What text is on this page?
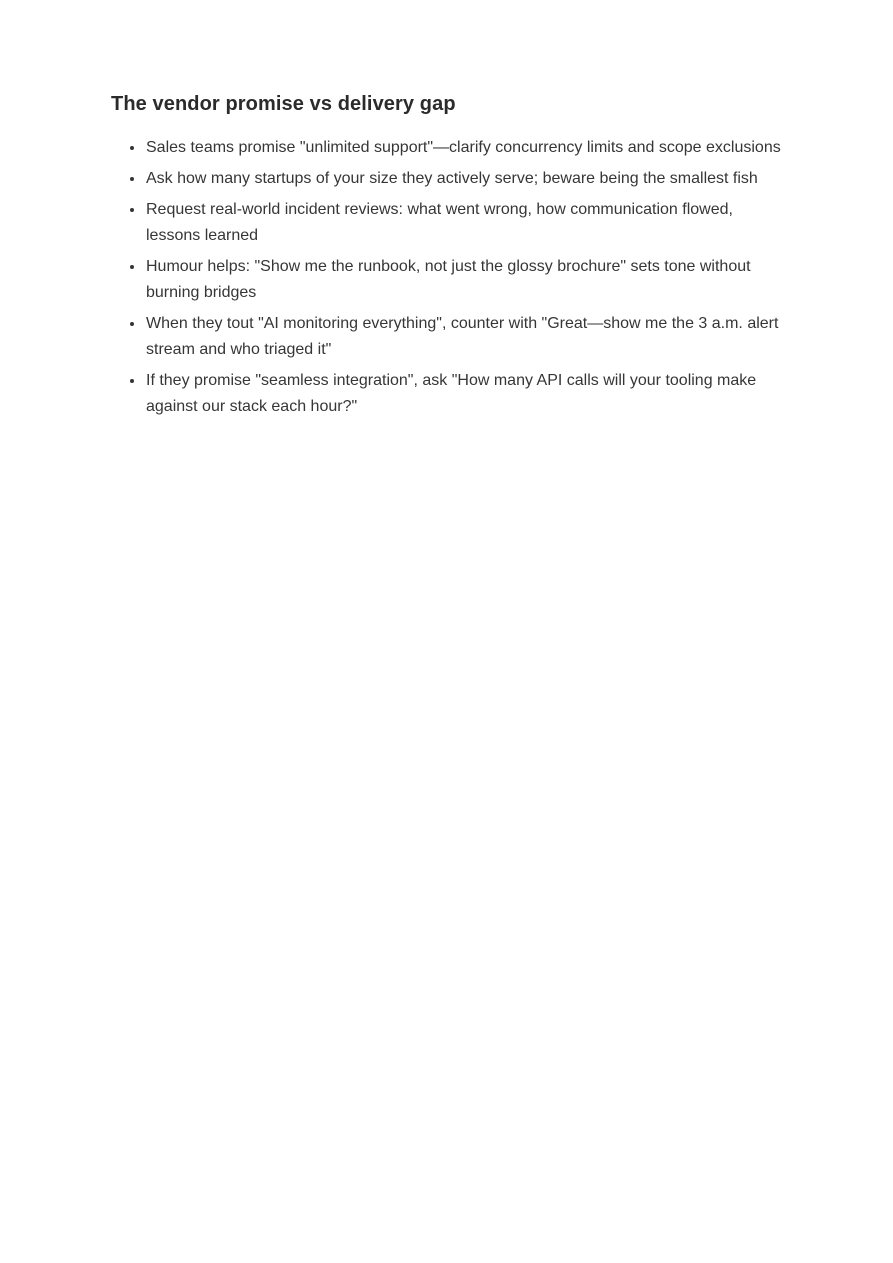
The vendor promise vs delivery gap
• Sales teams promise "unlimited support"—clarify concurrency limits and scope exclusions
• Ask how many startups of your size they actively serve; beware being the smallest fish
• Request real-world incident reviews: what went wrong, how communication flowed, lessons learned
• Humour helps: "Show me the runbook, not just the glossy brochure" sets tone without burning bridges
• When they tout "AI monitoring everything", counter with "Great—show me the 3 a.m. alert stream and who triaged it"
• If they promise "seamless integration", ask "How many API calls will your tooling make against our stack each hour?"
